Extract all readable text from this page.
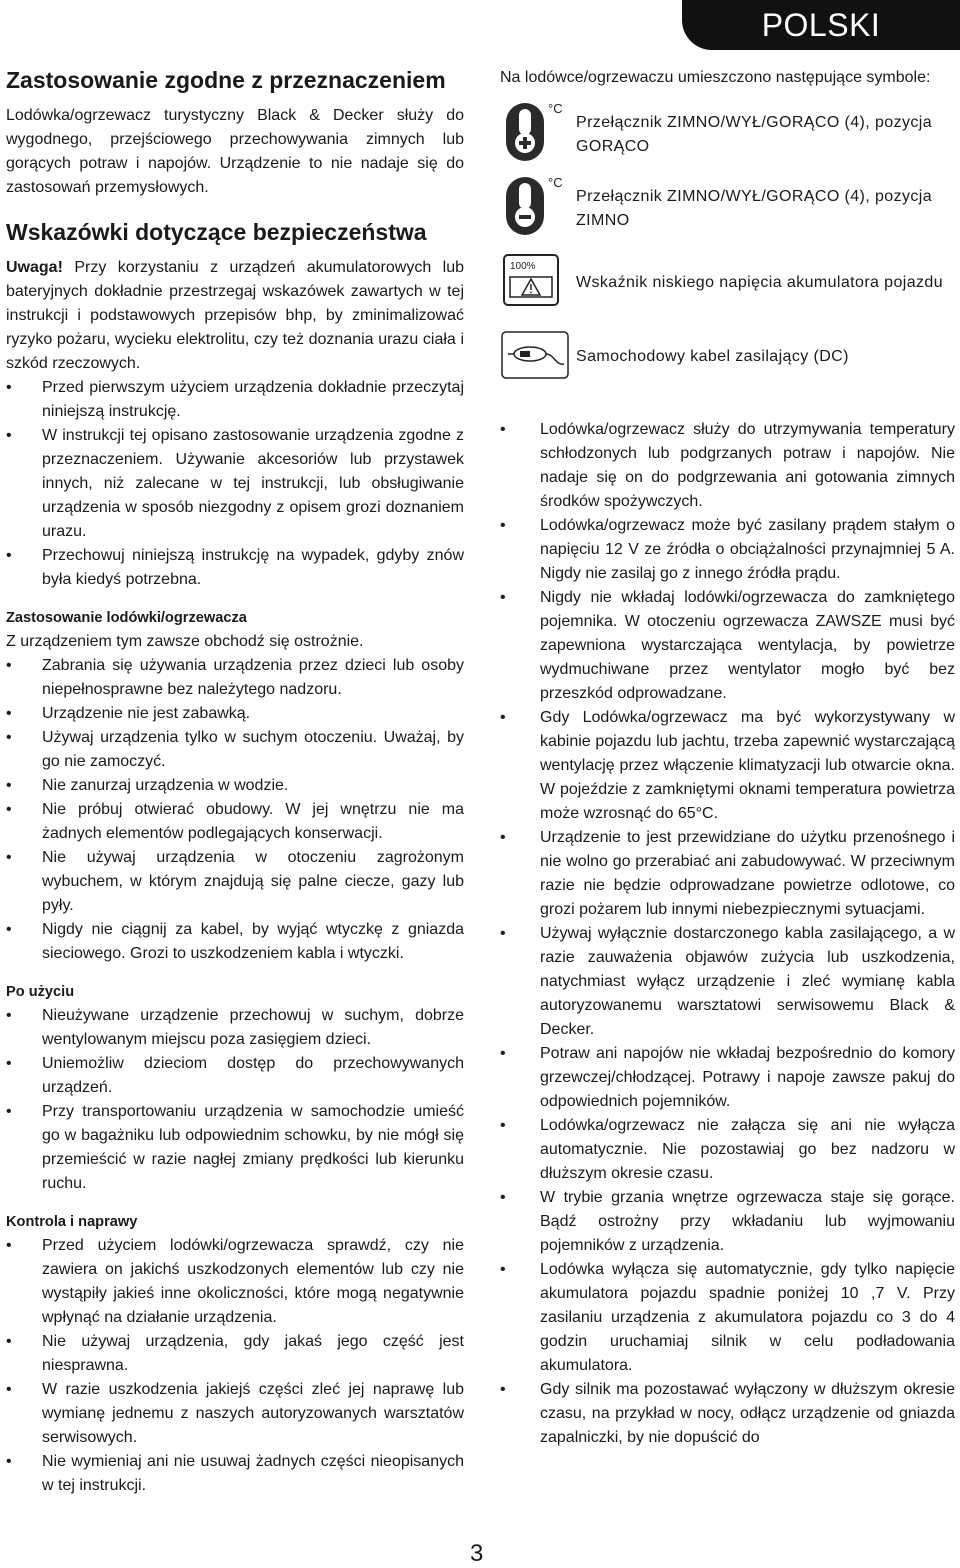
POLSKI
Zastosowanie zgodne z przeznaczeniem

Lodówka/ogrzewacz turystyczny Black & Decker służy do wygodnego, przejściowego przechowywania zimnych lub gorących potraw i napojów. Urządzenie to nie nadaje się do zastosowań przemysłowych.

Wskazówki dotyczące bezpieczeństwa

Uwaga! Przy korzystaniu z urządzeń akumulatorowych lub bateryjnych dokładnie przestrzegaj wskazówek zawartych w tej instrukcji i podstawowych przepisów bhp, by zminimalizować ryzyko pożaru, wycieku elektrolitu, czy też doznania urazu ciała i szkód rzeczowych.

• Przed pierwszym użyciem urządzenia dokładnie przeczytaj niniejszą instrukcję.
• W instrukcji tej opisano zastosowanie urządzenia zgodne z przeznaczeniem. Używanie akcesoriów lub przystawek innych, niż zalecane w tej instrukcji, lub obsługiwanie urządzenia w sposób niezgodny z opisem grozi doznaniem urazu.
• Przechowuj niniejszą instrukcję na wypadek, gdyby znów była kiedyś potrzebna.
Zastosowanie lodówki/ogrzewacza

Z urządzeniem tym zawsze obchodź się ostrożnie.

• Zabrania się używania urządzenia przez dzieci lub osoby niepełnosprawne bez należytego nadzoru.
• Urządzenie nie jest zabawką.
• Używaj urządzenia tylko w suchym otoczeniu. Uważaj, by go nie zamoczyć.
• Nie zanurzaj urządzenia w wodzie.
• Nie próbuj otwierać obudowy. W jej wnętrzu nie ma żadnych elementów podlegających konserwacji.
• Nie używaj urządzenia w otoczeniu zagrożonym wybuchem, w którym znajdują się palne ciecze, gazy lub pyły.
• Nigdy nie ciągnij za kabel, by wyjąć wtyczkę z gniazda sieciowego. Grozi to uszkodzeniem kabla i wtyczki.
Po użyciu
• Nieużywane urządzenie przechowuj w suchym, dobrze wentylowanym miejscu poza zasięgiem dzieci.
• Uniemożliw dzieciom dostęp do przechowywanych urządzeń.
• Przy transportowaniu urządzenia w samochodzie umieść go w bagażniku lub odpowiednim schowku, by nie mógł się przemieścić w razie nagłej zmiany prędkości lub kierunku ruchu.
Kontrola i naprawy
• Przed użyciem lodówki/ogrzewacza sprawdź, czy nie zawiera on jakichś uszkodzonych elementów lub czy nie wystąpiły jakieś inne okoliczności, które mogą negatywnie wpłynąć na działanie urządzenia.
• Nie używaj urządzenia, gdy jakaś jego część jest niesprawna.
• W razie uszkodzenia jakiejś części zleć jej naprawę lub wymianę jednemu z naszych autoryzowanych warsztatów serwisowych.
• Nie wymieniaj ani nie usuwaj żadnych części nieopisanych w tej instrukcji.

Na lodówce/ogrzewaczu umieszczono następujące symbole:

°C
Przełącznik ZIMNO/WYŁ/GORĄCO (4), pozycja GORĄCO
°C
Przełącznik ZIMNO/WYŁ/GORĄCO (4), pozycja ZIMNO
100%
Wskaźnik niskiego napięcia akumulatora pojazdu
Samochodowy kabel zasilający (DC)
• Lodówka/ogrzewacz służy do utrzymywania temperatury schłodzonych lub podgrzanych potraw i napojów. Nie nadaje się on do podgrzewania ani gotowania zimnych środków spożywczych.
• Lodówka/ogrzewacz może być zasilany prądem stałym o napięciu 12 V ze źródła o obciążalności przynajmniej 5 A. Nigdy nie zasilaj go z innego źródła prądu.
• Nigdy nie wkładaj lodówki/ogrzewacza do zamkniętego pojemnika. W otoczeniu ogrzewacza ZAWSZE musi być zapewniona wystarczająca wentylacja, by powietrze wydmuchiwane przez wentylator mogło być bez przeszkód odprowadzane.
• Gdy Lodówka/ogrzewacz ma być wykorzystywany w kabinie pojazdu lub jachtu, trzeba zapewnić wystarczającą wentylację przez włączenie klimatyzacji lub otwarcie okna. W pojeździe z zamkniętymi oknami temperatura powietrza może wzrosnąć do 65°C.
• Urządzenie to jest przewidziane do użytku przenośnego i nie wolno go przerabiać ani zabudowywać. W przeciwnym razie nie będzie odprowadzane powietrze odlotowe, co grozi pożarem lub innymi niebezpiecznymi sytuacjami.
• Używaj wyłącznie dostarczonego kabla zasilającego, a w razie zauważenia objawów zużycia lub uszkodzenia, natychmiast wyłącz urządzenie i zleć wymianę kabla autoryzowanemu warsztatowi serwisowemu Black & Decker.
• Potraw ani napojów nie wkładaj bezpośrednio do komory grzewczej/chłodzącej. Potrawy i napoje zawsze pakuj do odpowiednich pojemników.
• Lodówka/ogrzewacz nie załącza się ani nie wyłącza automatycznie. Nie pozostawiaj go bez nadzoru w dłuższym okresie czasu.
• W trybie grzania wnętrze ogrzewacza staje się gorące. Bądź ostrożny przy wkładaniu lub wyjmowaniu pojemników z urządzenia.
• Lodówka wyłącza się automatycznie, gdy tylko napięcie akumulatora pojazdu spadnie poniżej 10 ,7 V. Przy zasilaniu urządzenia z akumulatora pojazdu co 3 do 4 godzin uruchamiaj silnik w celu podładowania akumulatora.
• Gdy silnik ma pozostawać wyłączony w dłuższym okresie czasu, na przykład w nocy, odłącz urządzenie od gniazda zapalniczki, by nie dopuścić do
3
